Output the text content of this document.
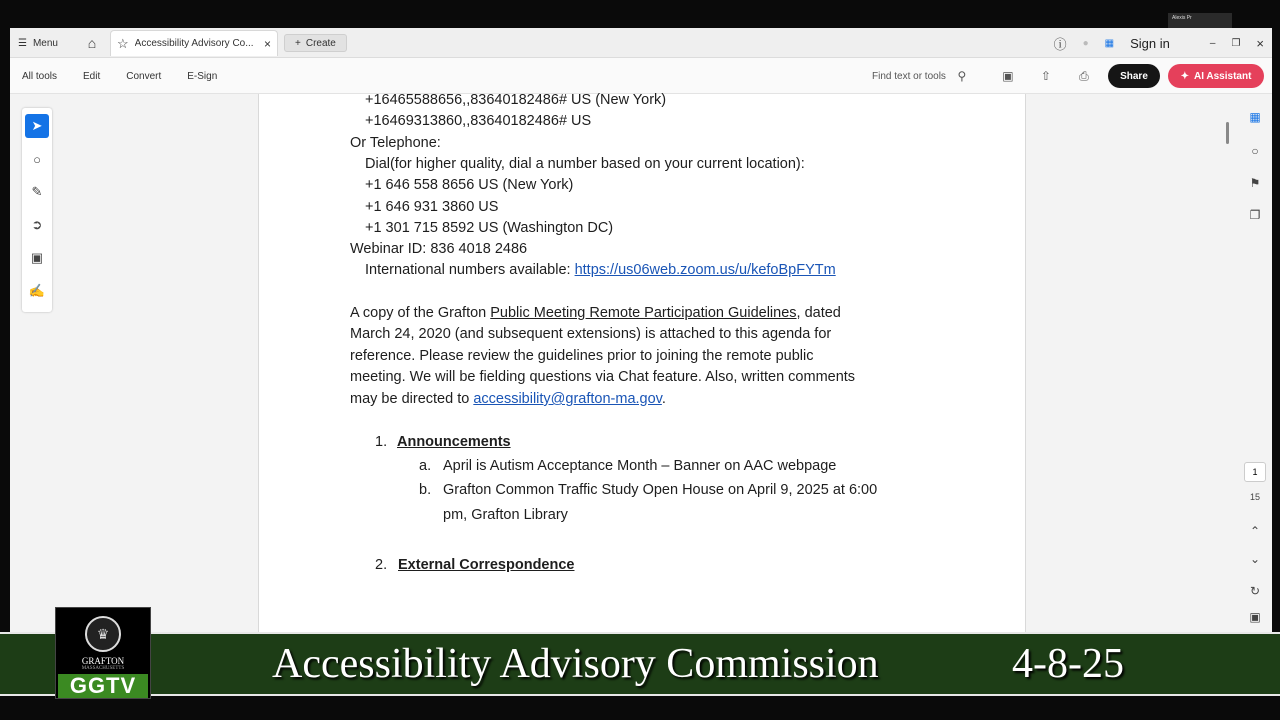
☰ Menu ⌂ ☆ Accessibility Advisory Co... × + Create	ⓘ ● ▦ Sign in	– ❐ ×
All tools	Edit	Convert	E-Sign	Find text or tools ⚲	▣ ⇧ ⎙	Share	✦ AI Assistant
➤
○
✎
➲
▣
✍
+16465588656,,83640182486# US (New York)
+16469313860,,83640182486# US
Or Telephone:
Dial(for higher quality, dial a number based on your current location):
+1 646 558 8656 US (New York)
+1 646 931 3860 US
+1 301 715 8592 US (Washington DC)
Webinar ID: 836 4018 2486
International numbers available: https://us06web.zoom.us/u/kefoBpFYTm
A copy of the Grafton Public Meeting Remote Participation Guidelines, dated
March 24, 2020 (and subsequent extensions) is attached to this agenda for
reference. Please review the guidelines prior to joining the remote public
meeting. We will be fielding questions via Chat feature. Also, written comments
may be directed to accessibility@grafton-ma.gov.
1. Announcements
a. April is Autism Acceptance Month – Banner on AAC webpage
b. Grafton Common Traffic Study Open House on April 9, 2025 at 6:00
pm, Grafton Library
2. External Correspondence
▦
○
⚑
❐
1
15
⌃
⌄
↻
▣
Alexis Pr
Accessibility Advisory Commission	4-8-25
♛
GRAFTON
MASSACHUSETTS
GGTV
